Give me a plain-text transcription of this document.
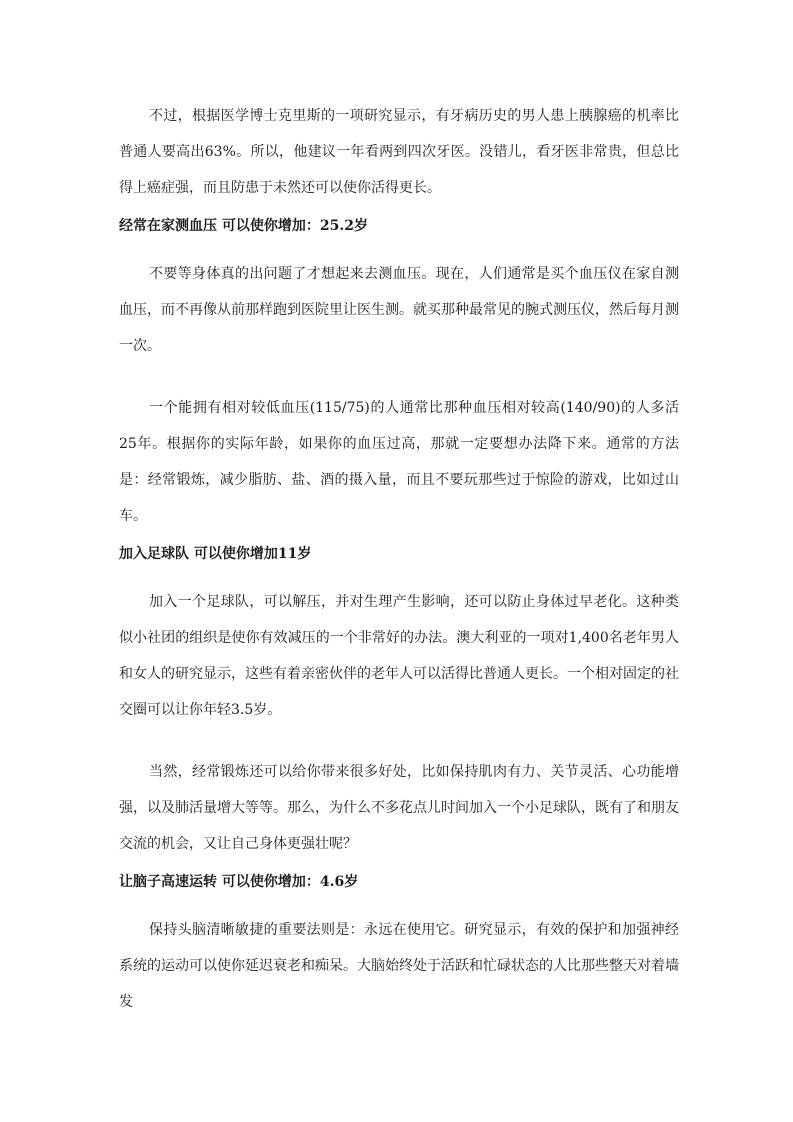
不过，根据医学博士克里斯的一项研究显示，有牙病历史的男人患上胰腺癌的机率比普通人要高出63%。所以，他建议一年看两到四次牙医。没错儿，看牙医非常贵，但总比得上癌症强，而且防患于未然还可以使你活得更长。

经常在家测血压 可以使你增加：25.2岁

不要等身体真的出问题了才想起来去测血压。现在，人们通常是买个血压仪在家自测血压，而不再像从前那样跑到医院里让医生测。就买那种最常见的腕式测压仪，然后每月测一次。

一个能拥有相对较低血压(115/75)的人通常比那种血压相对较高(140/90)的人多活25年。根据你的实际年龄，如果你的血压过高，那就一定要想办法降下来。通常的方法是：经常锻炼，减少脂肪、盐、酒的摄入量，而且不要玩那些过于惊险的游戏，比如过山车。

加入足球队 可以使你增加11岁

加入一个足球队，可以解压，并对生理产生影响，还可以防止身体过早老化。这种类似小社团的组织是使你有效减压的一个非常好的办法。澳大利亚的一项对1,400名老年男人和女人的研究显示，这些有着亲密伙伴的老年人可以活得比普通人更长。一个相对固定的社交圈可以让你年轻3.5岁。

当然，经常锻炼还可以给你带来很多好处，比如保持肌肉有力、关节灵活、心功能增强，以及肺活量增大等等。那么，为什么不多花点儿时间加入一个小足球队，既有了和朋友交流的机会，又让自己身体更强壮呢？

让脑子高速运转 可以使你增加：4.6岁

保持头脑清晰敏捷的重要法则是：永远在使用它。研究显示，有效的保护和加强神经系统的运动可以使你延迟衰老和痴呆。大脑始终处于活跃和忙碌状态的人比那些整天对着墙发
